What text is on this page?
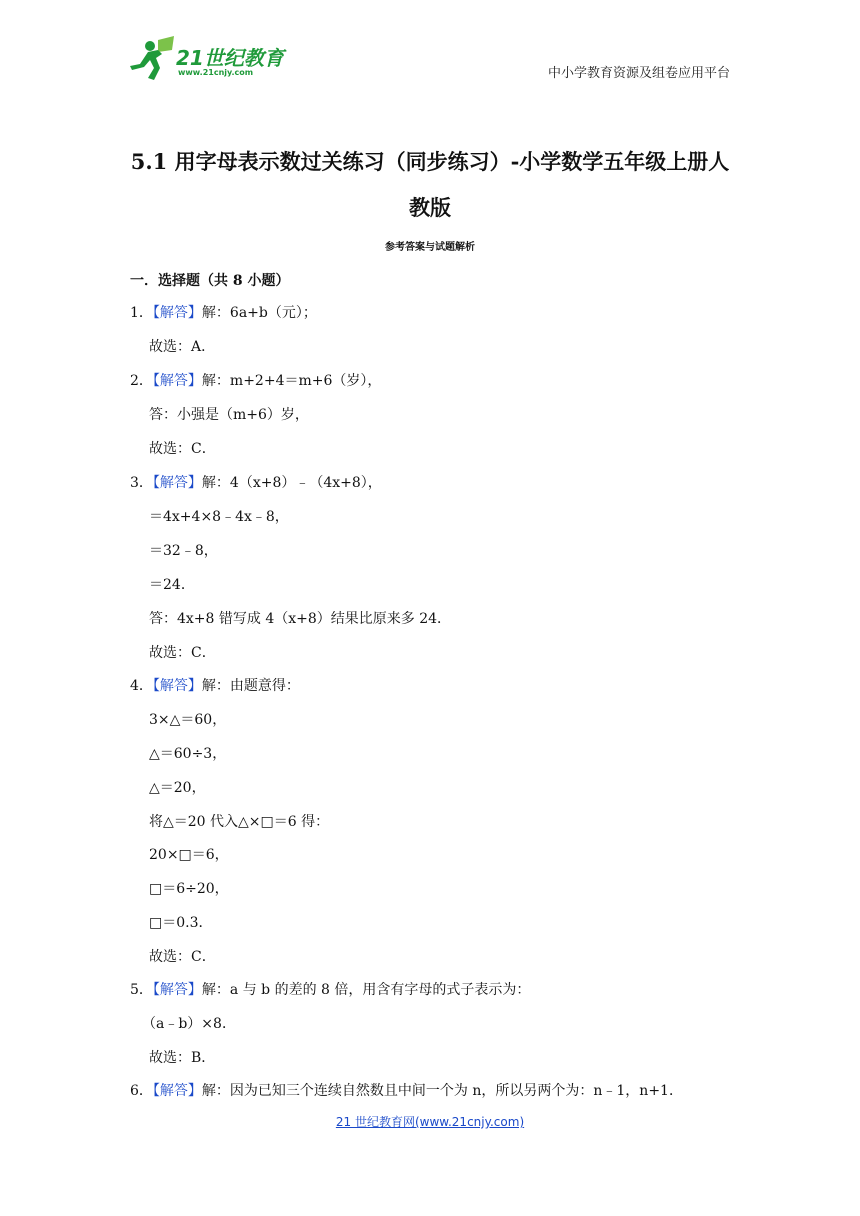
21世纪教育
www.21cnjy.com	中小学教育资源及组卷应用平台
5.1 用字母表示数过关练习（同步练习）-小学数学五年级上册人
教版
参考答案与试题解析
一．选择题（共 8 小题）
1．【解答】解：6a+b（元）；
故选：A．
2．【解答】解：m+2+4＝m+6（岁），
答：小强是（m+6）岁，
故选：C．
3．【解答】解：4（x+8）﹣（4x+8），
＝4x+4×8﹣4x﹣8，
＝32﹣8，
＝24．
答：4x+8 错写成 4（x+8）结果比原来多 24．
故选：C．
4．【解答】解：由题意得：
3×△＝60，
△＝60÷3，
△＝20，
将△＝20 代入△×□＝6 得：
20×□＝6，
□＝6÷20，
□＝0.3．
故选：C．
5．【解答】解：a 与 b 的差的 8 倍，用含有字母的式子表示为：
（a﹣b）×8．
故选：B．
6．【解答】解：因为已知三个连续自然数且中间一个为 n，所以另两个为：n﹣1，n+1．
21 世纪教育网(www.21cnjy.com)
